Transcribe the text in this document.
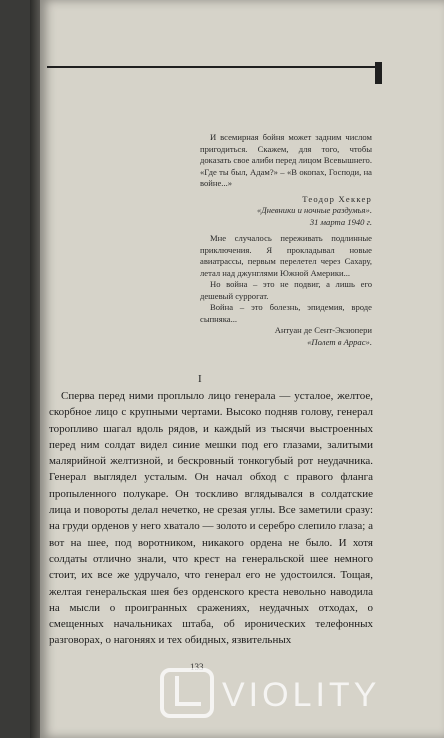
И всемирная бойня может задним числом пригодиться. Скажем, для того, чтобы доказать свое алиби перед лицом Всевышнего. «Где ты был, Адам?» – «В окопах, Господи, на войне...»

Теодор Хеккер
«Дневники и ночные раздумья».
31 марта 1940 г.

Мне случалось переживать подлинные приключения. Я прокладывал новые авиатрассы, первым перелетел через Сахару, летал над джунглями Южной Америки...

Но война – это не подвиг, а лишь его дешевый суррогат.

Война – это болезнь, эпидемия, вроде сыпняка...

Антуан де Сент-Экзюпери
«Полет в Аррас».
I

Сперва перед ними проплыло лицо генерала — усталое, желтое, скорбное лицо с крупными чертами. Высоко подняв голову, генерал торопливо шагал вдоль рядов, и каждый из тысячи выстроенных перед ним солдат видел синие мешки под его глазами, залитыми малярийной желтизной, и бескровный тонкогубый рот неудачника. Генерал выглядел усталым. Он начал обход с правого фланга пропыленного полукаре. Он тоскливо вглядывался в солдатские лица и повороты делал нечетко, не срезая углы. Все заметили сразу: на груди орденов у него хватало — золото и серебро слепило глаза; а вот на шее, под воротником, никакого ордена не было. И хотя солдаты отлично знали, что крест на генеральской шее немного стоит, их все же удручало, что генерал его не удостоился. Тощая, желтая генеральская шея без орденского креста невольно наводила на мысли о проигранных сражениях, неудачных отходах, о смещенных начальниках штаба, об иронических телефонных разговорах, о нагоняях и тех обидных, язвительных

133
VIOLITY
